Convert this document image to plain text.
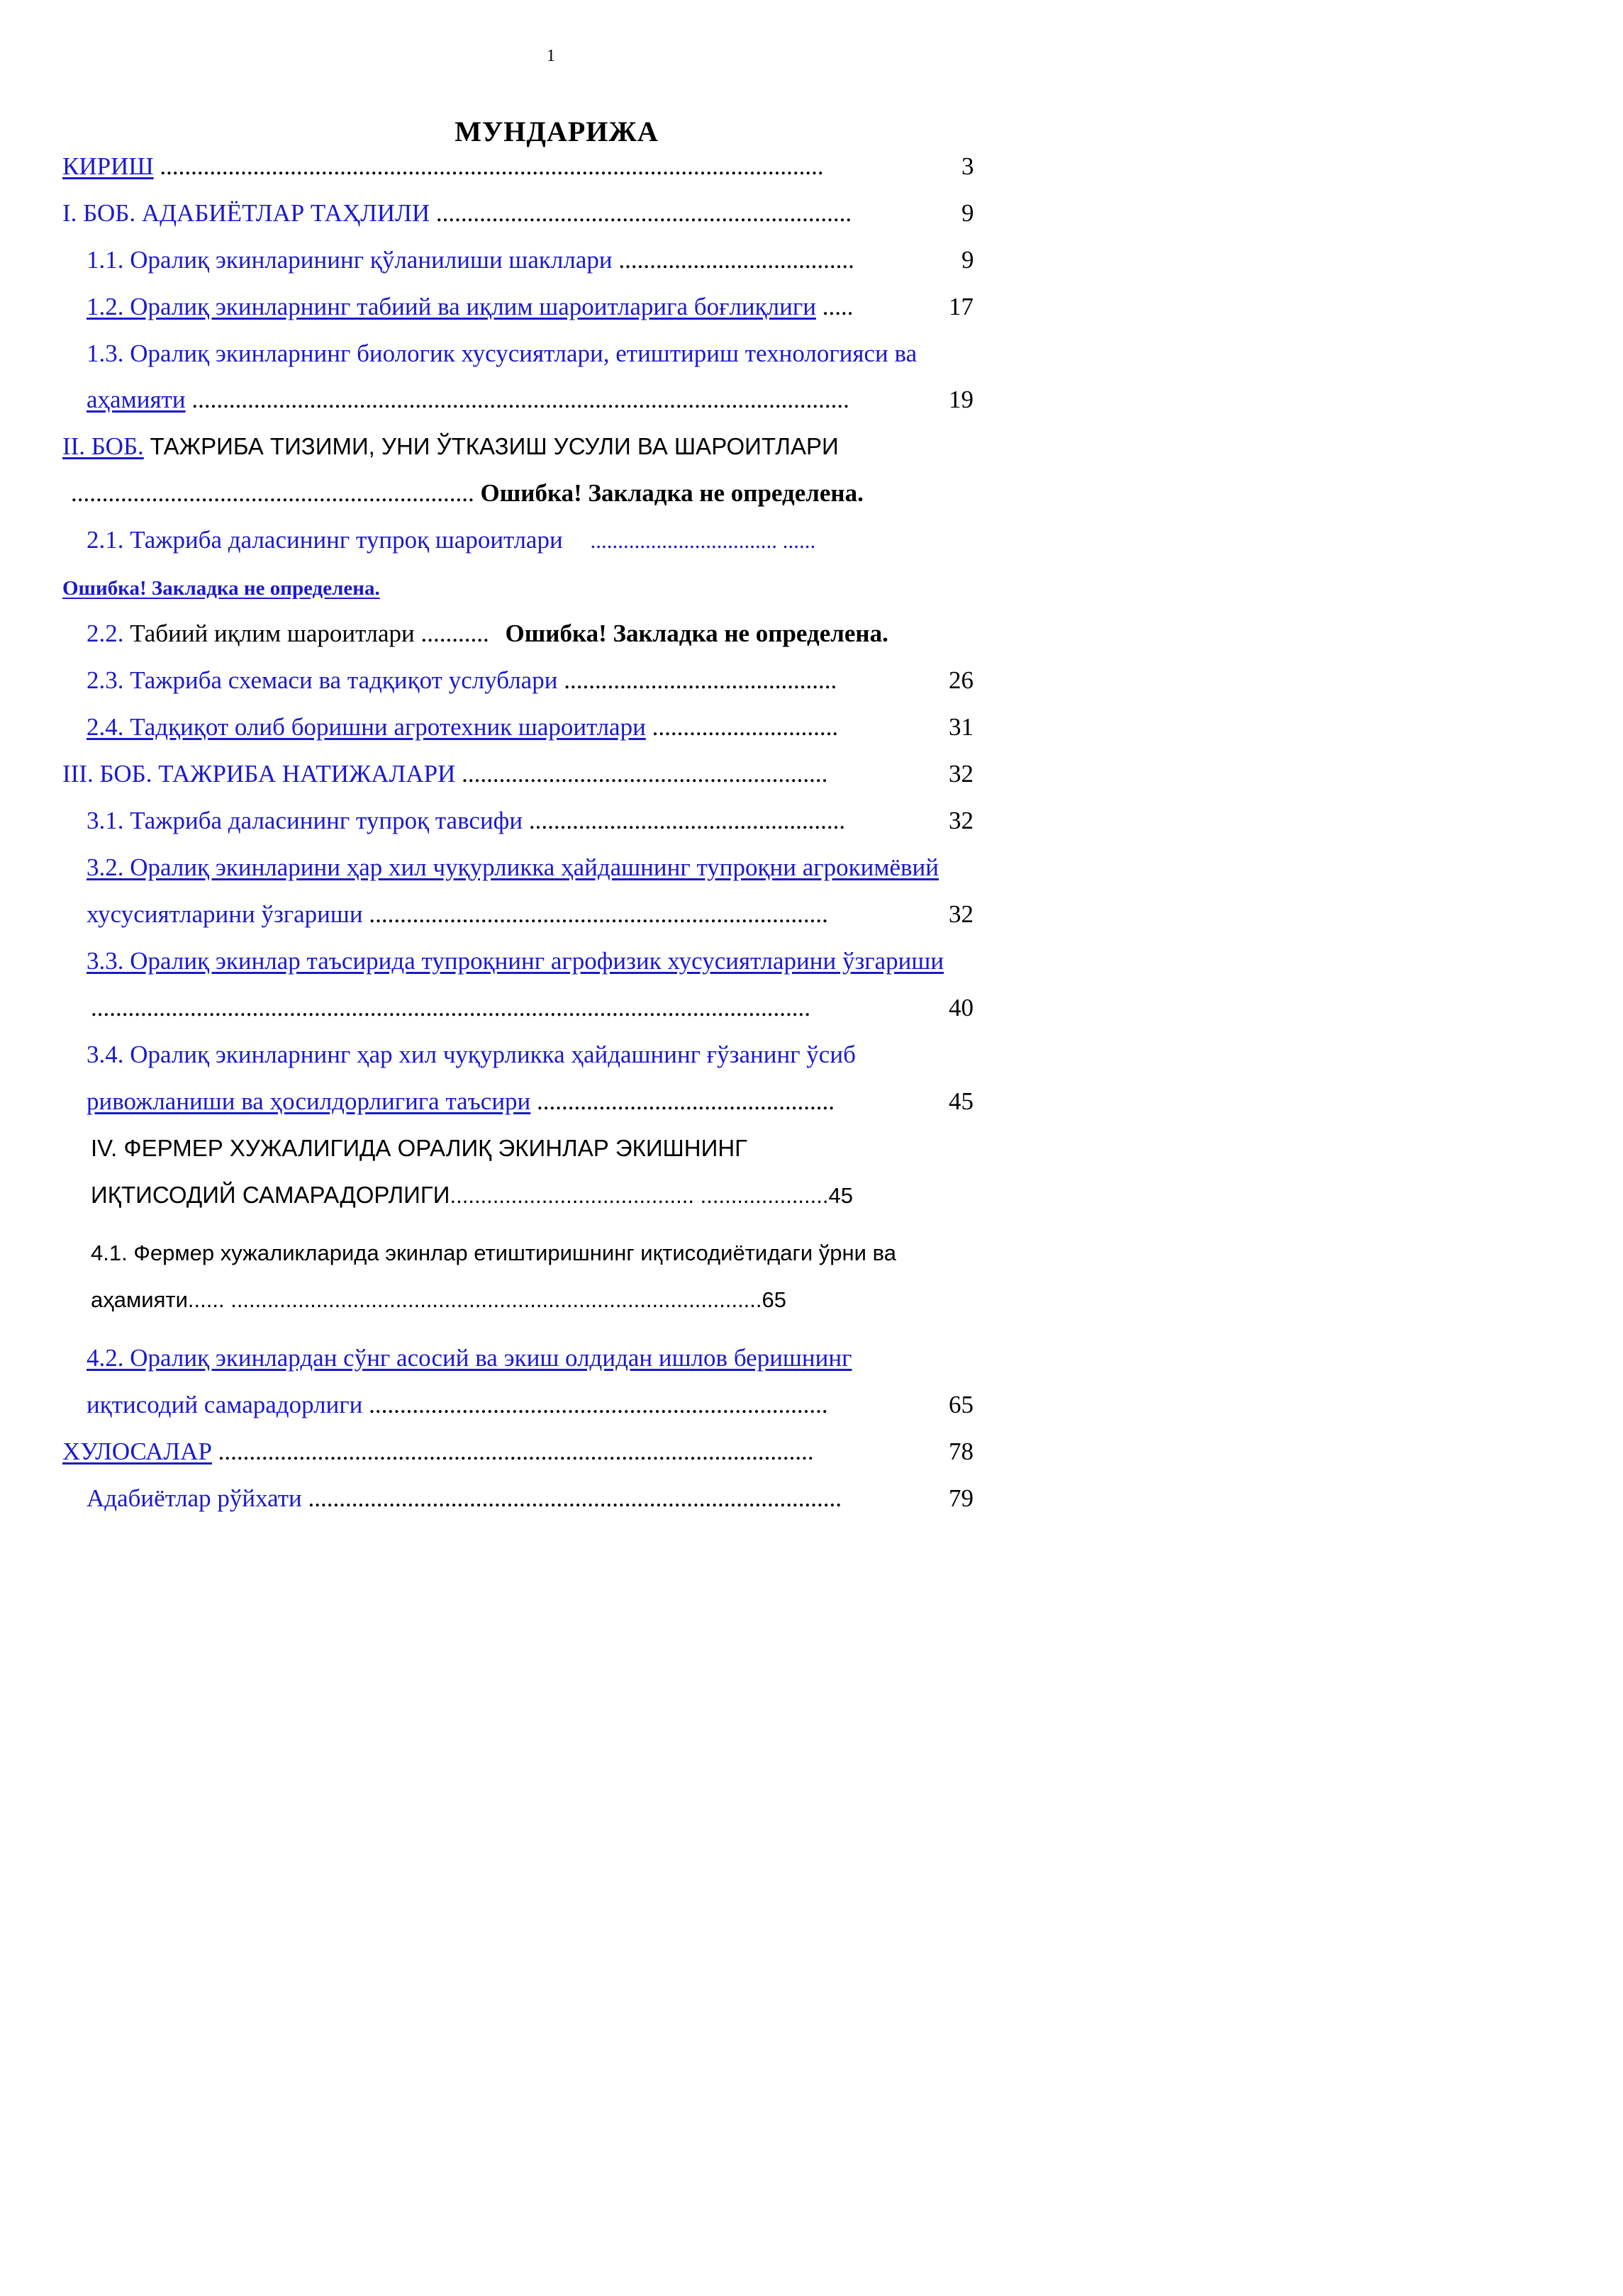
1
МУНДАРИЖА
КИРИШ ...........................................................................................................	3
I. БОБ. АДАБИЁТЛАР ТАҲЛИЛИ ...................................................................	9
1.1. Оралиқ экинларининг қўланилиши шакллари ......................................	9
1.2. Оралиқ экинларнинг табиий ва иқлим шароитларига боғлиқлиги .....	17
1.3. Оралиқ экинларнинг биологик хусусиятлари, етиштириш технологияси ва
аҳамияти ..........................................................................................................	19
II. БОБ. ТАЖРИБА ТИЗИМИ, УНИ ЎТКАЗИШ УСУЛИ ВА ШАРОИТЛАРИ
................................................................. Ошибка! Закладка не определена.
2.1. Тажриба даласининг тупроқ шароитлари .................................. ......
Ошибка! Закладка не определена.
2.2. Табиий иқлим шароитлари ........... Ошибка! Закладка не определена.
2.3. Тажриба схемаси ва тадқиқот услублари ............................................	26
2.4. Тадқиқот олиб боришни агротехник шароитлари ..............................	31
III. БОБ. ТАЖРИБА НАТИЖАЛАРИ ...........................................................	32
3.1. Тажриба даласининг тупроқ тавсифи ...................................................	32
3.2. Оралиқ экинларини ҳар хил чуқурликка ҳайдашнинг тупроқни агрокимёвий
хусусиятларини ўзгариши ..........................................................................	32
3.3. Оралиқ экинлар таъсирида тупроқнинг агрофизик хусусиятларини ўзгариши
....................................................................................................................	40
3.4. Оралиқ экинларнинг ҳар хил чуқурликка ҳайдашнинг ғўзанинг ўсиб
ривожланиши ва ҳосилдорлигига таъсири ................................................	45
IV. ФЕРМЕР ХУЖАЛИГИДА ОРАЛИҚ ЭКИНЛАР ЭКИШНИНГ
ИҚТИСОДИЙ САМАРАДОРЛИГИ........................................ .....................45
4.1. Фермер хужаликларида экинлар етиштиришнинг иқтисодиётидаги ўрни ва
аҳамияти...... .......................................................................................65
4.2. Оралиқ экинлардан сўнг асосий ва экиш олдидан ишлов беришнинг
иқтисодий самарадорлиги ..........................................................................	65
ХУЛОСАЛАР ................................................................................................	78
Адабиётлар рўйхати ......................................................................................	79
